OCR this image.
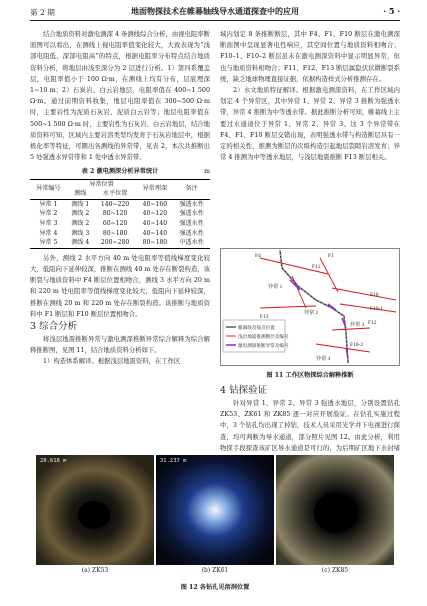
第 2 期	地面物探技术在帷幕轴线导水通道探查中的应用	· 5 ·

结合地质资料对激电测深 4 条测线综合分析，由视电阻率断面图可以看出，在测线上视电阻率值变化较大，大致表现为“浅部电阻低、深部电阻高”的特点，根据电阻率分布特点结合地质资料分析，将地层由浅至深分为 2 层进行分析。1）第四系覆盖层，电阻率值小于 100 Ω·m，在测线上均有分布，层底埋深 1~10 m；2）石炭岩、白云岩地层，电阻率值在 400~1 500 Ω·m。通过前期资料收集，地层电阻率值在 300~500 Ω·m 时，主要岩性为泥质石灰岩、泥质白云岩等；地层电阻率值在 500~1 500 Ω·m 时，主要岩性为石灰岩、白云岩地层，结合地质资料可知，区域内主要岩溶类型均发育于石灰岩地层中，根据极化率等特征，可圈出各测线的异常带，见表 2，本次共推断出 5 处强透水异常带和 1 处中透水异常带。

表 2 激电测深分析异常统计	m
异常编号	异常位置		异常埋深	备注
	测线	水平位置		
异常 1	测线 1	140~220	40~160	强透水性
异常 2	测线 2	80~120	40~120	强透水性
异常 3	测线 2	60~120	40~140	强透水性
异常 4	测线 3	80~180	40~140	强透水性
异常 5	测线 4	200~280	80~180	中透水性

另外，测线 2 水平方向 40 m 处电阻率等值线梯度变化较大，低阻向下延伸较深，推断在测线 40 m 处存在断裂构造，该断裂与地质资料中 F4 断层位置相吻合，测线 3 水平方向 20 m 和 220 m 处电阻率等值线梯度变化较大，低阻向下延伸较深，推断在测线 20 m 和 220 m 处存在断裂构造。该推断与地质资料中 F1 断层和 F10 断层位置相吻合。

3 综合分析

将浅层地震推断异常与激电测深推断异常综合解释为综合解释推断图，见图 11，结合地质资料分析如下。

1）构造体系解译。根据浅层地震资料，在工作区

域内划定 8 条推断断层，其中 F4、F1、F10 断层在激电测深断面图中呈现显著电性响应，其空间位置与地质资料相吻合；F10–1、F10–2 断层虽未在激电测深资料中显示明显异常，但也与地质资料相吻合；F11、F12、F13 断层属隐伏状微断裂系统，缺乏地球物理直接证据，依据构造样式分析推测存在。

2）水文地质特征解译。根据激电测深资料，在工作区域内划定 4 个异常区，其中异常 1、异常 2、异常 3 推断为强透水带，异常 4 推断为中等透水带。据此推断分析可知，帷幕线上主要过水通道位于异常 1、异常 2、异常 3。这 3 个异常带在 F4、F1、F10 断层交错出现，表明强透水带与构造断层具有一定的相关性，推测为断层的次级构造引起地层裂隙岩溶发育；异常 4 推测为中等透水地层，与浅层地震推断 F13 断层相关。

F4	F1
F10
F11
F12
F13
F10-1
F10-2
异常 1
异常 2
异常 3
异常 4
帷幕线及探点位置
浅层地震推测断层及编号
激电测深推断异常及编号
图 11 工作区物探综合解释推断

4 钻探验证

针对异常 1、异常 2、异常 3 强透水地层，分别设置钻孔 ZK53、ZK61 和 ZK85 逐一对应开展验证。在钻孔实施过程中，3 个钻孔均出现了掉钻，技术人员采用光学井下电视进行探查，均可判断为导水通道，部分照片见图 12。由此分析，利用物探手段探查该矿区导水通道是可行的，为后期矿区地下水封堵

28.618 m
(a) ZK53
31.237 m
(b) ZK61	(c) ZK85
图 12 各钻孔见溶洞位置
